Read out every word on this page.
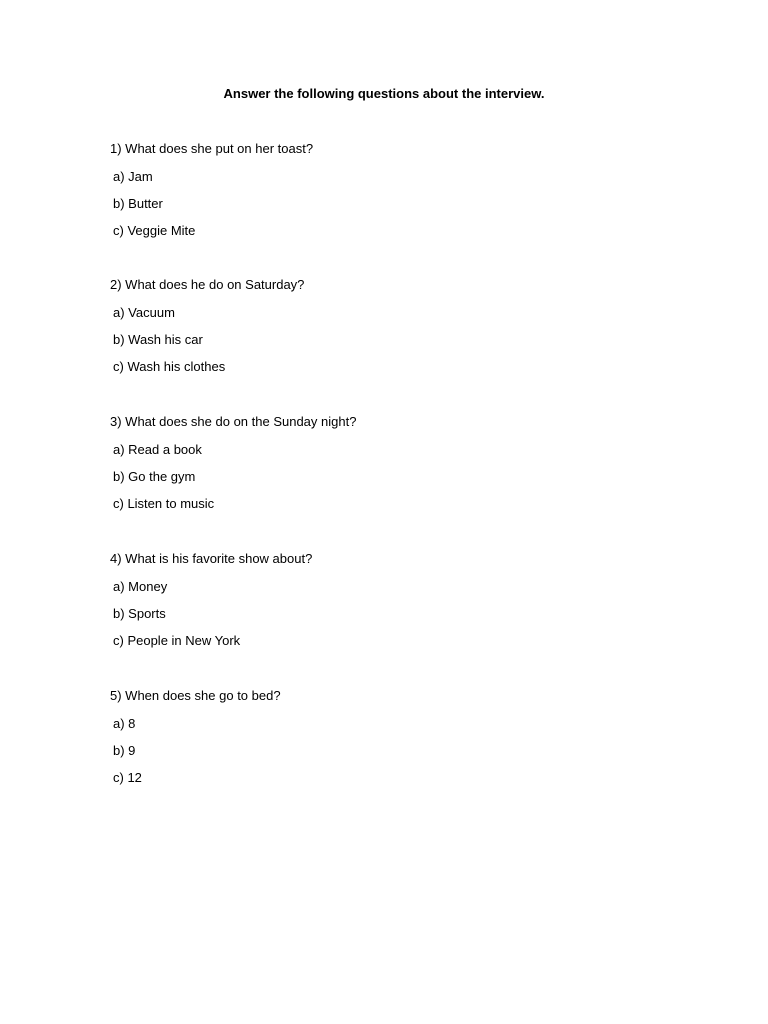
Answer the following questions about the interview.

1) What does she put on her toast?

a) Jam

b) Butter

c) Veggie Mite

2) What does he do on Saturday?

a) Vacuum

b) Wash his car

c) Wash his clothes

3) What does she do on the Sunday night?

a) Read a book

b) Go the gym

c) Listen to music

4) What is his favorite show about?

a) Money

b) Sports

c) People in New York

5) When does she go to bed?

a) 8

b) 9

c) 12
